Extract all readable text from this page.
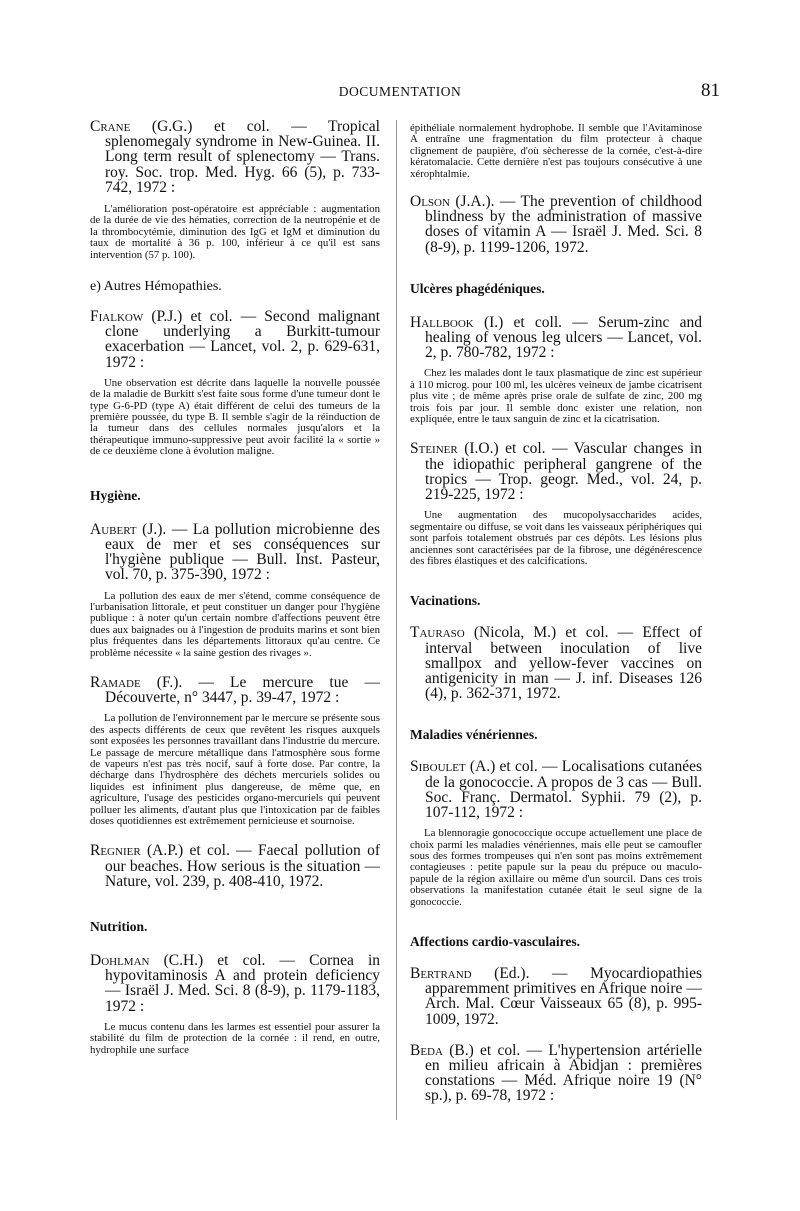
DOCUMENTATION	81

Crane (G.G.) et col. — Tropical splenomegaly syndrome in New-Guinea. II. Long term result of splenectomy — Trans. roy. Soc. trop. Med. Hyg. 66 (5), p. 733-742, 1972 :

L'amélioration post-opératoire est appréciable : augmentation de la durée de vie des hématies, correction de la neutropénie et de la thrombocytémie, diminution des IgG et IgM et diminution du taux de mortalité à 36 p. 100, inférieur à ce qu'il est sans intervention (57 p. 100).

e) Autres Hémopathies.

Fialkow (P.J.) et col. — Second malignant clone underlying a Burkitt-tumour exacerbation — Lancet, vol. 2, p. 629-631, 1972 :

Une observation est décrite dans laquelle la nouvelle poussée de la maladie de Burkitt s'est faite sous forme d'une tumeur dont le type G-6-PD (type A) était différent de celui des tumeurs de la première poussée, du type B. Il semble s'agir de la réinduction de la tumeur dans des cellules normales jusqu'alors et la thérapeutique immuno-suppressive peut avoir facilité la « sortie » de ce deuxième clone à évolution maligne.

Hygiène.

Aubert (J.). — La pollution microbienne des eaux de mer et ses conséquences sur l'hygiène publique — Bull. Inst. Pasteur, vol. 70, p. 375-390, 1972 :

La pollution des eaux de mer s'étend, comme conséquence de l'urbanisation littorale, et peut constituer un danger pour l'hygiène publique : à noter qu'un certain nombre d'affections peuvent être dues aux baignades ou à l'ingestion de produits marins et sont bien plus fréquentes dans les départements littoraux qu'au centre. Ce problème nécessite « la saine gestion des rivages ».

Ramade (F.). — Le mercure tue — Découverte, n° 3447, p. 39-47, 1972 :

La pollution de l'environnement par le mercure se présente sous des aspects différents de ceux que revêtent les risques auxquels sont exposées les personnes travaillant dans l'industrie du mercure. Le passage de mercure métallique dans l'atmosphère sous forme de vapeurs n'est pas très nocif, sauf à forte dose. Par contre, la décharge dans l'hydrosphère des déchets mercuriels solides ou liquides est infiniment plus dangereuse, de même que, en agriculture, l'usage des pesticides organo-mercuriels qui peuvent polluer les aliments, d'autant plus que l'intoxication par de faibles doses quotidiennes est extrêmement pernicieuse et sournoise.

Regnier (A.P.) et col. — Faecal pollution of our beaches. How serious is the situation — Nature, vol. 239, p. 408-410, 1972.

Nutrition.

Dohlman (C.H.) et col. — Cornea in hypovitaminosis A and protein deficiency — Israël J. Med. Sci. 8 (8-9), p. 1179-1183, 1972 :

Le mucus contenu dans les larmes est essentiel pour assurer la stabilité du film de protection de la cornée : il rend, en outre, hydrophile une surface
épithéliale normalement hydrophobe. Il semble que l'Avitaminose A entraîne une fragmentation du film protecteur à chaque clignement de paupière, d'où sècheresse de la cornée, c'est-à-dire kératomalacie. Cette dernière n'est pas toujours consécutive à une xérophtalmie.

Olson (J.A.). — The prevention of childhood blindness by the administration of massive doses of vitamin A — Israël J. Med. Sci. 8 (8-9), p. 1199-1206, 1972.

Ulcères phagédéniques.

Hallbook (I.) et coll. — Serum-zinc and healing of venous leg ulcers — Lancet, vol. 2, p. 780-782, 1972 :

Chez les malades dont le taux plasmatique de zinc est supérieur à 110 microg. pour 100 ml, les ulcères veineux de jambe cicatrisent plus vite ; de même après prise orale de sulfate de zinc, 200 mg trois fois par jour. Il semble donc exister une relation, non expliquée, entre le taux sanguin de zinc et la cicatrisation.

Steiner (I.O.) et col. — Vascular changes in the idiopathic peripheral gangrene of the tropics — Trop. geogr. Med., vol. 24, p. 219-225, 1972 :

Une augmentation des mucopolysaccharides acides, segmentaire ou diffuse, se voit dans les vaisseaux périphériques qui sont parfois totalement obstrués par ces dépôts. Les lésions plus anciennes sont caractérisées par de la fibrose, une dégénérescence des fibres élastiques et des calcifications.

Vacinations.

Tauraso (Nicola, M.) et col. — Effect of interval between inoculation of live smallpox and yellow-fever vaccines on antigenicity in man — J. inf. Diseases 126 (4), p. 362-371, 1972.

Maladies vénériennes.

Siboulet (A.) et col. — Localisations cutanées de la gonococcie. A propos de 3 cas — Bull. Soc. Franç. Dermatol. Syphii. 79 (2), p. 107-112, 1972 :

La blennoragie gonococcique occupe actuellement une place de choix parmi les maladies vénériennes, mais elle peut se camoufler sous des formes trompeuses qui n'en sont pas moins extrêmement contagieuses : petite papule sur la peau du prépuce ou maculo-papule de la région axillaire ou même d'un sourcil. Dans ces trois observations la manifestation cutanée était le seul signe de la gonococcie.

Affections cardio-vasculaires.

Bertrand (Ed.). — Myocardiopathies apparemment primitives en Afrique noire — Arch. Mal. Cœur Vaisseaux 65 (8), p. 995-1009, 1972.

Beda (B.) et col. — L'hypertension artérielle en milieu africain à Abidjan : premières constations — Méd. Afrique noire 19 (N° sp.), p. 69-78, 1972 :
